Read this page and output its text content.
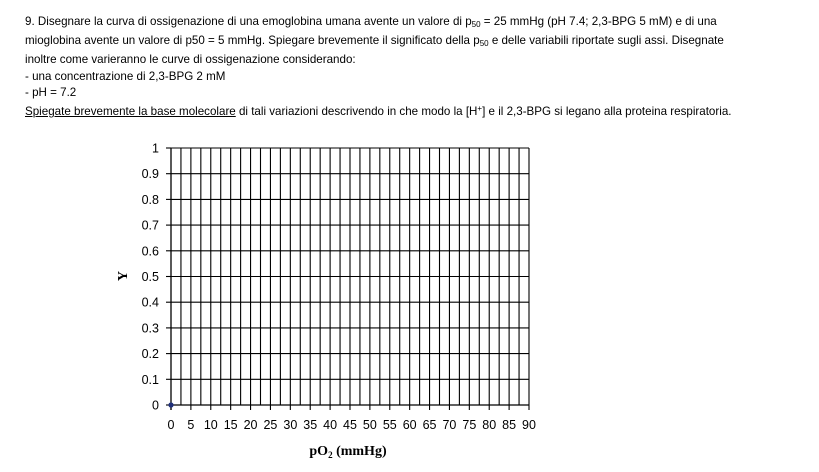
9. Disegnare la curva di ossigenazione di una emoglobina umana avente un valore di $p_{50} = 25$ mmHg (pH 7.4; 2,3-BPG 5 mM) e di una

mioglobina avente un valore di p50 = 5 mmHg. Spiegare brevemente il significato della $p_{50}$ e delle variabili riportate sugli assi. Disegnate

inoltre come varieranno le curve di ossigenazione considerando:

- una concentrazione di 2,3-BPG 2 mM

- pH = 7.2

Spiegate brevemente la base molecolare di tali variazioni descrivendo in che modo la [H+] e il 2,3-BPG si legano alla proteina respiratoria.

0
0.1
0.2
0.3
0.4
0.5
0.6
0.7
0.8
0.9
1
0 5 10 15 20 25 30 35 40 45 50 55 60 65 70 75 80 85 90
Y
$pO_2$ (mmHg)
